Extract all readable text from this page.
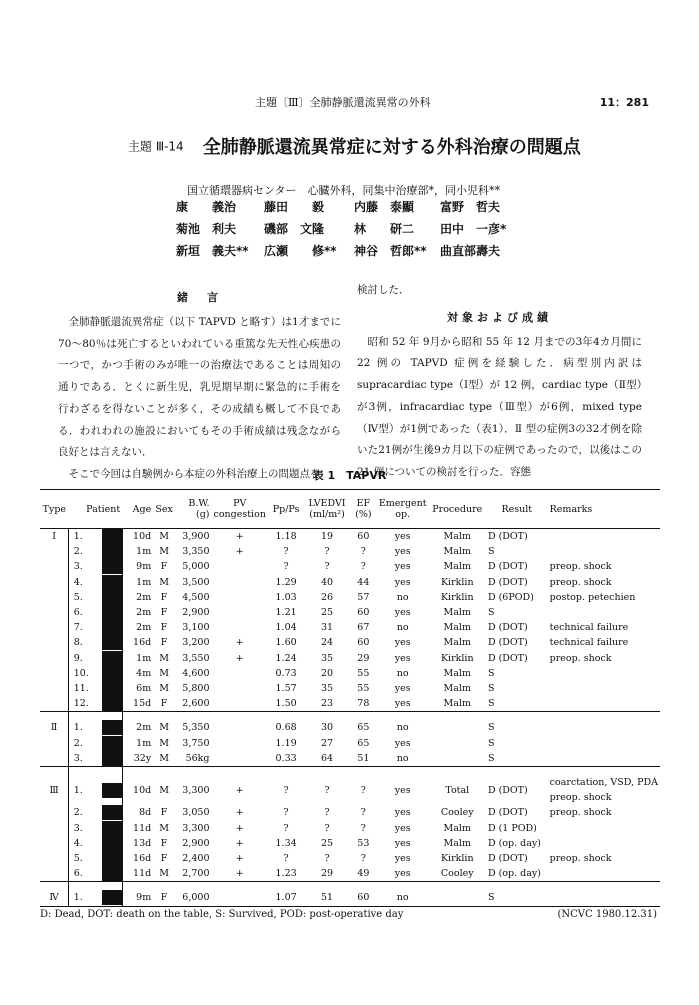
主題〔Ⅲ〕全肺静脈還流異常の外科	11：281
主題 Ⅲ-14 全肺静脈還流異常症に対する外科治療の問題点
国立循環器病センター　心臓外科，同集中治療部*，同小児科**
康　　義治 藤田　　毅 内藤　泰顯 富野　哲夫
菊池　利夫 磯部　文隆 林　　研二 田中　一彦*
新垣　義夫** 広瀬　　修** 神谷　哲郎** 曲直部壽夫
緒　言

全肺静脈還流異常症（以下 TAPVD と略す）は1才までに 70〜80％は死亡するといわれている重篤な先天性心疾患の一つで，かつ手術のみが唯一の治療法であることは周知の通りである．とくに新生児，乳児期早期に緊急的に手術を行わざるを得ないことが多く，その成績も概して不良である．われわれの施設においてもその手術成績は残念ながら良好とは言えない．

そこで今回は自験例から本症の外科治療上の問題点を

検討した．

対象および成績

昭和 52 年 9月から昭和 55 年 12 月までの3年4カ月間に 22 例の TAPVD 症例を経験した．病型別内訳は supracardiac type（Ⅰ型）が 12 例，cardiac type（Ⅱ型）が3例，infracardiac type（Ⅲ型）が6例，mixed type（Ⅳ型）が1例であった（表1）．Ⅱ 型の症例3の32才例を除いた21例が生後9カ月以下の症例であったので，以後はこの 21 例についての検討を行った．容態

表 1　TAPVR
Type	Patient	Age	Sex	B.W.
(g)	PV
congestion	Pp/Ps	LVEDVI
(ml/m²)	EF
(%)	Emergent
op.	Procedure	Result	Remarks
Ⅰ	1.	10d	M	3,900	+	1.18	19	60	yes	Malm	D (DOT)	

	2.	1m	M	3,350	+	?	?	?	yes	Malm	S	

	3.	9m	F	5,000		?	?	?	yes	Malm	D (DOT)	preop. shock

	4.	1m	M	3,500		1.29	40	44	yes	Kirklin	D (DOT)	preop. shock

	5.	2m	F	4,500		1.03	26	57	no	Kirklin	D (6POD)	postop. petechien

	6.	2m	F	2,900		1.21	25	60	yes	Malm	S	

	7.	2m	F	3,100		1.04	31	67	no	Malm	D (DOT)	technical failure

	8.	16d	F	3,200	+	1.60	24	60	yes	Malm	D (DOT)	technical failure

	9.	1m	M	3,550	+	1.24	35	29	yes	Kirklin	D (DOT)	preop. shock

	10.	4m	M	4,600		0.73	20	55	no	Malm	S	

	11.	6m	M	5,800		1.57	35	55	yes	Malm	S	

	12.	15d	F	2,600		1.50	23	78	yes	Malm	S	

Ⅱ	1.	2m	M	5,350		0.68	30	65	no		S	

	2.	1m	M	3,750		1.19	27	65	yes		S	

	3.	32y	M	56kg		0.33	64	51	no		S	

Ⅲ	1.	10d	M	3,300	+	?	?	?	yes	Total	D (DOT)	coarctation, VSD, PDA
preop. shock

	2.	8d	F	3,050	+	?	?	?	yes	Cooley	D (DOT)	preop. shock

	3.	11d	M	3,300	+	?	?	?	yes	Malm	D (1 POD)	

	4.	13d	F	2,900	+	1.34	25	53	yes	Malm	D (op. day)	

	5.	16d	F	2,400	+	?	?	?	yes	Kirklin	D (DOT)	preop. shock

	6.	11d	M	2,700	+	1.23	29	49	yes	Cooley	D (op. day)	

Ⅳ	1.	9m	F	6,000		1.07	51	60	no		S	
D: Dead, DOT: death on the table, S: Survived, POD: post-operative day	(NCVC 1980.12.31)
